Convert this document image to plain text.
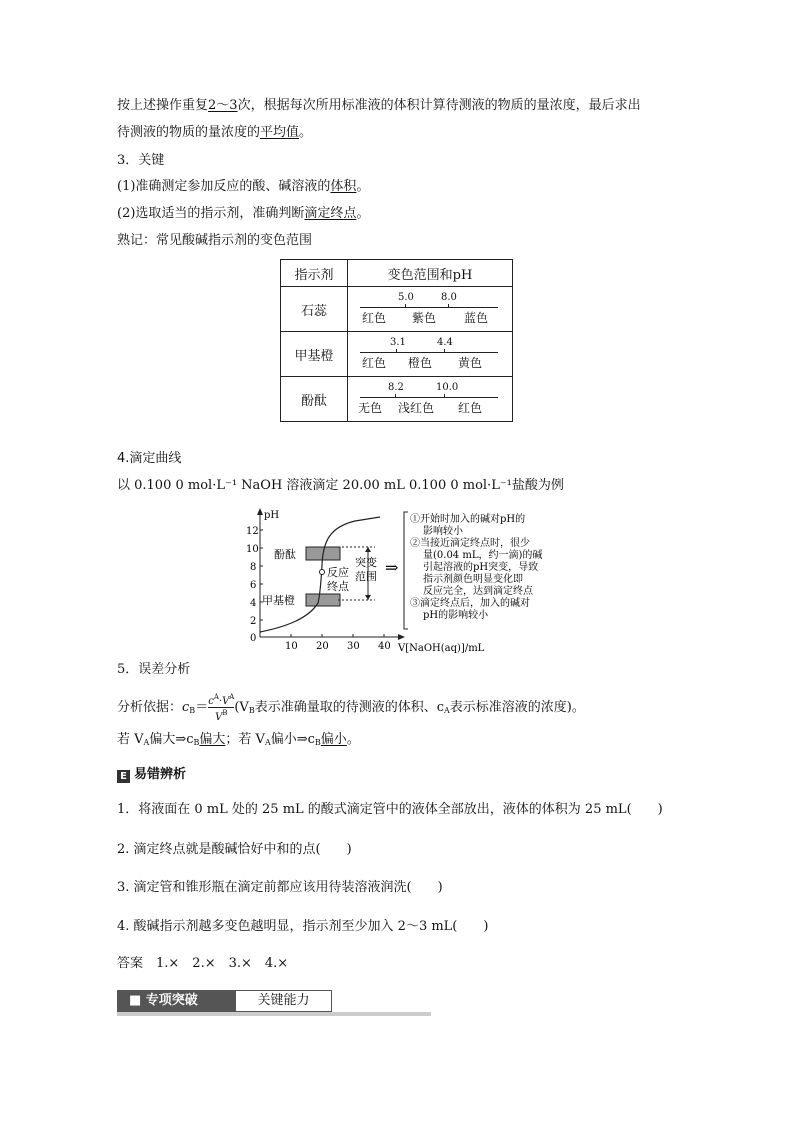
按上述操作重复2～3次，根据每次所用标准液的体积计算待测液的物质的量浓度，最后求出
待测液的物质的量浓度的平均值。
3．关键
(1)准确测定参加反应的酸、碱溶液的体积。
(2)选取适当的指示剂，准确判断滴定终点。
熟记：常见酸碱指示剂的变色范围
指示剂	变色范围和pH
石蕊	5.0 8.0
红色 紫色 蓝色

甲基橙	3.1 4.4
红色 橙色 黄色

酚酞	8.2 10.0
无色 浅红色 红色
4.滴定曲线
以 0.100 0 mol·L⁻¹ NaOH 溶液滴定 20.00 mL 0.100 0 mol·L⁻¹盐酸为例
pH
V[NaOH(aq)]/mL
0
2
4
6
8
10
12
10 20 30 40
酚酞
甲基橙
反应
终点
突变
范围 ⇒
①开始时加入的碱对pH的
影响较小
②当接近滴定终点时，很少
量(0.04 mL，约一滴)的碱
引起溶液的pH突变，导致
指示剂颜色明显变化即
反应完全，达到滴定终点
③滴定终点后，加入的碱对
pH的影响较小
5．误差分析
分析依据：$c_B= \frac{c^A\cdot V^A}{V^B} (V_B$表示准确量取的待测液的体积、$c_A$表示标准溶液的浓度)。
若 $V_A$偏大$\Rightarrow c_B$偏大；若 $V_A$偏小$\Rightarrow c_B$偏小。
E 易错辨析
1．将液面在 0 mL 处的 25 mL 的酸式滴定管中的液体全部放出，液体的体积为 25 mL(　　)
2. 滴定终点就是酸碱恰好中和的点(　　)
3. 滴定管和锥形瓶在滴定前都应该用待装溶液润洗(　　)
4. 酸碱指示剂越多变色越明显，指示剂至少加入 2～3 mL(　　)
答案　1.×　2.×　3.×　4.×
■ 专项突破	关键能力
